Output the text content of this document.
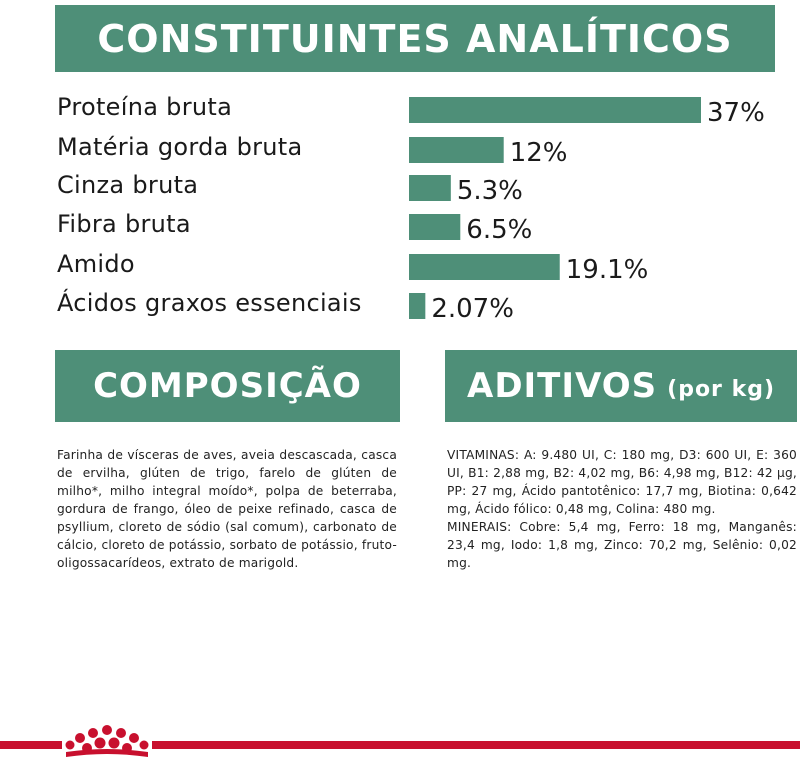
CONSTITUINTES ANALÍTICOS
Proteína bruta
Matéria gorda bruta
Cinza bruta
Fibra bruta
Amido
Ácidos graxos essenciais
37%
12%
5.3%
6.5%
19.1%
2.07%
COMPOSIÇÃO	ADITIVOS (por kg)
Farinha de vísceras de aves, aveia descascada, casca de ervilha, glúten de trigo, farelo de glúten de milho*, milho integral moído*, polpa de beterraba, gordura de frango, óleo de peixe refinado, casca de psyllium, cloreto de sódio (sal comum), carbonato de cálcio, cloreto de potássio, sorbato de potássio, fruto-oligossacarídeos, extrato de marigold.
VITAMINAS: A: 9.480 UI, C: 180 mg, D3: 600 UI, E: 360 UI, B1: 2,88 mg, B2: 4,02 mg, B6: 4,98 mg, B12: 42 µg, PP: 27 mg, Ácido pantotênico: 17,7 mg, Biotina: 0,642 mg, Ácido fólico: 0,48 mg, Colina: 480 mg.
MINERAIS: Cobre: 5,4 mg, Ferro: 18 mg, Manganês: 23,4 mg, Iodo: 1,8 mg, Zinco: 70,2 mg, Selênio: 0,02 mg.
